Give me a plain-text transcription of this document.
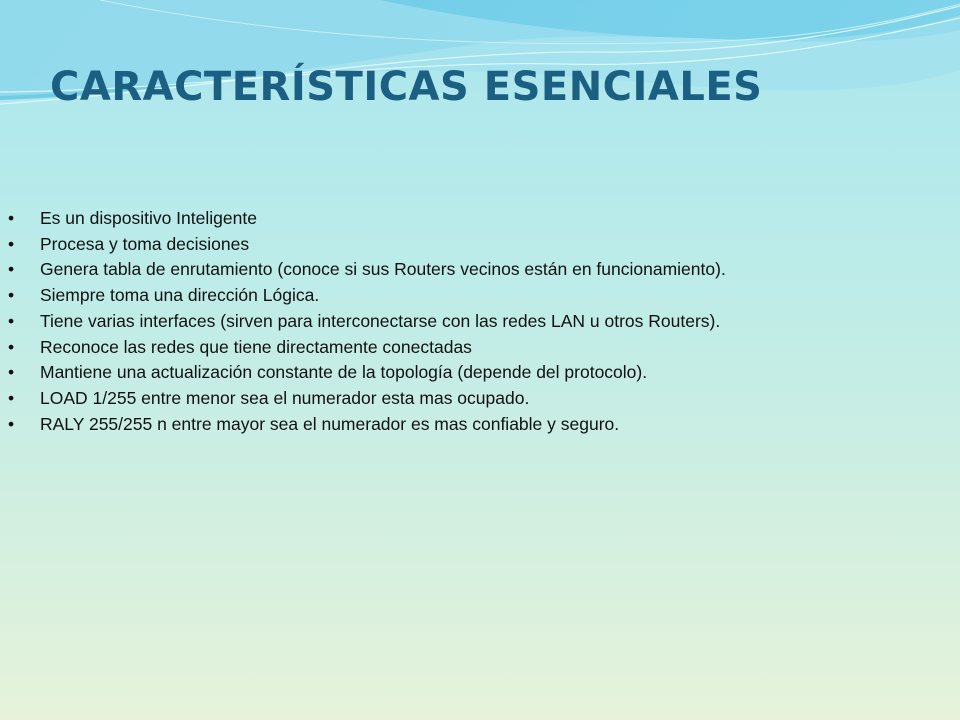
CARACTERÍSTICAS ESENCIALES
• Es un dispositivo Inteligente
• Procesa y toma decisiones
• Genera tabla de enrutamiento (conoce si sus Routers vecinos están en funcionamiento).
• Siempre toma una dirección Lógica.
• Tiene varias interfaces (sirven para interconectarse con las redes LAN u otros Routers).
• Reconoce las redes que tiene directamente conectadas
• Mantiene una actualización constante de la topología (depende del protocolo).
• LOAD 1/255 entre menor sea el numerador esta mas ocupado.
• RALY 255/255 n entre mayor sea el numerador es mas confiable y seguro.
